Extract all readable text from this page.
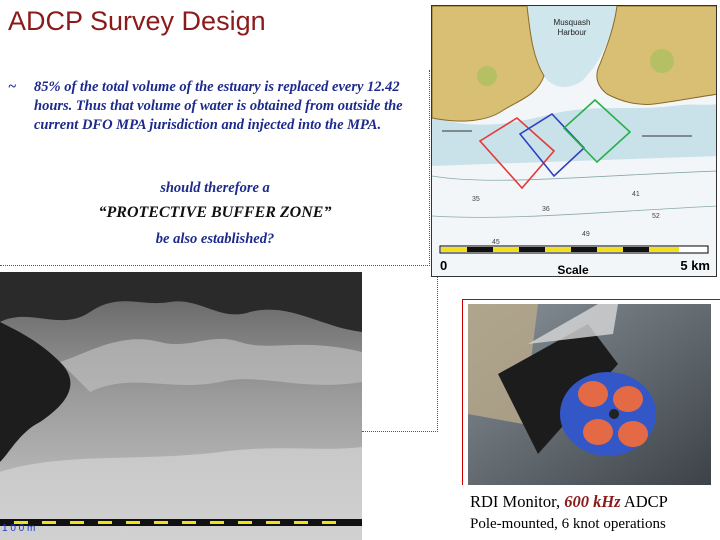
ADCP Survey Design

~ 85% of the total volume of the estuary is replaced every 12.42
hours. Thus that volume of water is obtained from outside the current DFO MPA jurisdiction and injected into the MPA.

should therefore a
“PROTECTIVE BUFFER ZONE”
be also established?
35
36
41
52
45
49
Musquash
Harbour
0	Scale	5 km
1 0 0 m
RDI Monitor, 600 kHz ADCP
Pole-mounted, 6 knot operations
